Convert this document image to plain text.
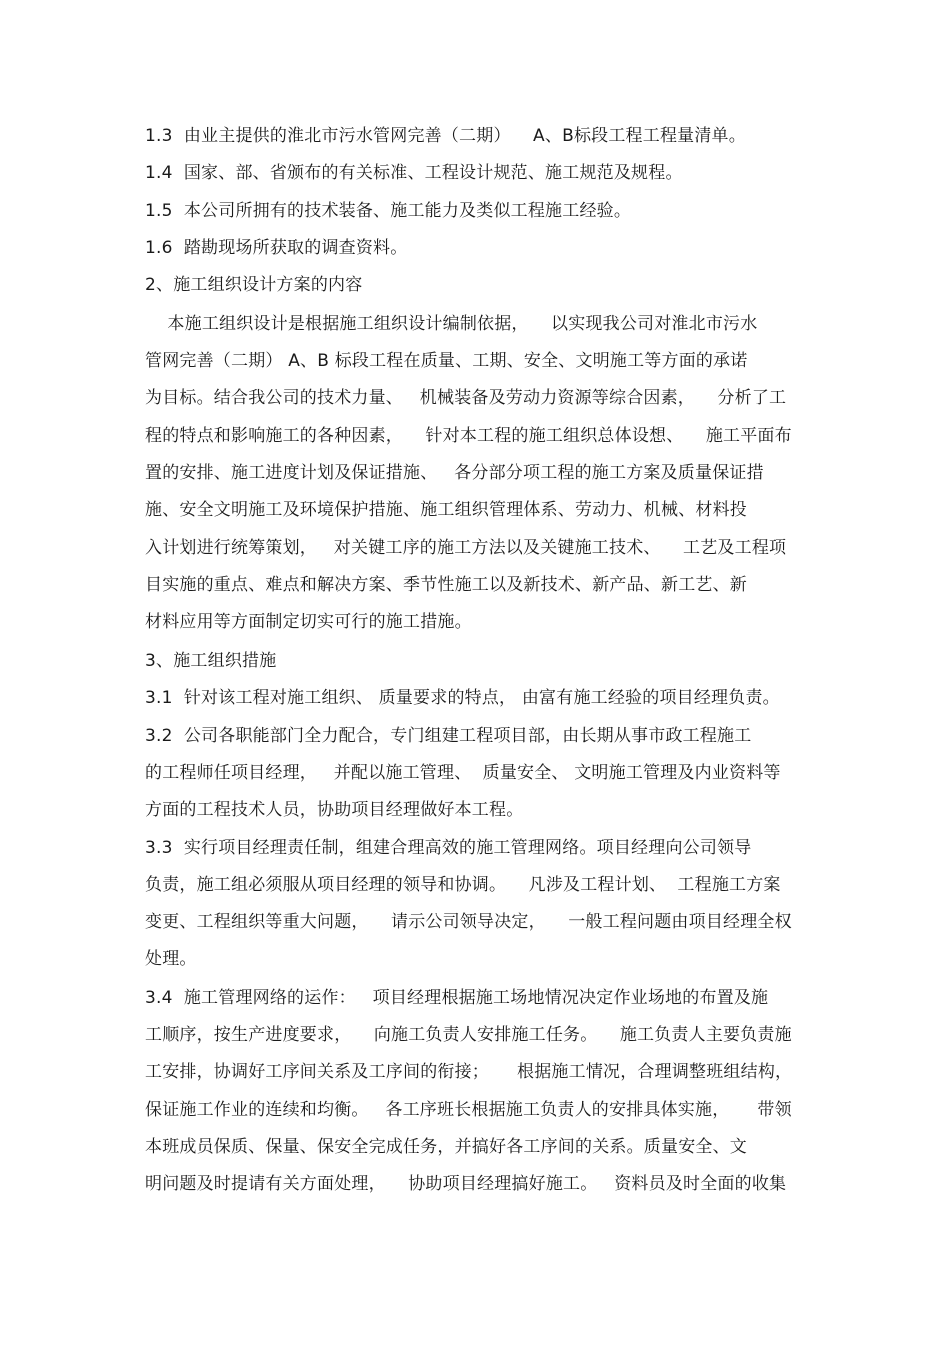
1.3  由业主提供的淮北市污水管网完善（二期）    A、B标段工程工程量清单。
1.4  国家、部、省颁布的有关标准、工程设计规范、施工规范及规程。
1.5  本公司所拥有的技术装备、施工能力及类似工程施工经验。
1.6  踏勘现场所获取的调查资料。
2、施工组织设计方案的内容
本施工组织设计是根据施工组织设计编制依据，    以实现我公司对淮北市污水
管网完善（二期） A、B 标段工程在质量、工期、安全、文明施工等方面的承诺
为目标。结合我公司的技术力量、   机械装备及劳动力资源等综合因素，    分析了工
程的特点和影响施工的各种因素，    针对本工程的施工组织总体设想、    施工平面布
置的安排、施工进度计划及保证措施、   各分部分项工程的施工方案及质量保证措
施、安全文明施工及环境保护措施、施工组织管理体系、劳动力、机械、材料投
入计划进行统筹策划，   对关键工序的施工方法以及关键施工技术、    工艺及工程项
目实施的重点、难点和解决方案、季节性施工以及新技术、新产品、新工艺、新
材料应用等方面制定切实可行的施工措施。
3、施工组织措施
3.1  针对该工程对施工组织、 质量要求的特点， 由富有施工经验的项目经理负责。
3.2  公司各职能部门全力配合，专门组建工程项目部，由长期从事市政工程施工
的工程师任项目经理，   并配以施工管理、  质量安全、 文明施工管理及内业资料等
方面的工程技术人员，协助项目经理做好本工程。
3.3  实行项目经理责任制，组建合理高效的施工管理网络。项目经理向公司领导
负责，施工组必须服从项目经理的领导和协调。    凡涉及工程计划、  工程施工方案
变更、工程组织等重大问题，    请示公司领导决定，    一般工程问题由项目经理全权
处理。
3.4  施工管理网络的运作：   项目经理根据施工场地情况决定作业场地的布置及施
工顺序，按生产进度要求，    向施工负责人安排施工任务。    施工负责人主要负责施
工安排，协调好工序间关系及工序间的衔接；     根据施工情况，合理调整班组结构，
保证施工作业的连续和均衡。   各工序班长根据施工负责人的安排具体实施，     带领
本班成员保质、保量、保安全完成任务，并搞好各工序间的关系。质量安全、文
明问题及时提请有关方面处理，    协助项目经理搞好施工。   资料员及时全面的收集
